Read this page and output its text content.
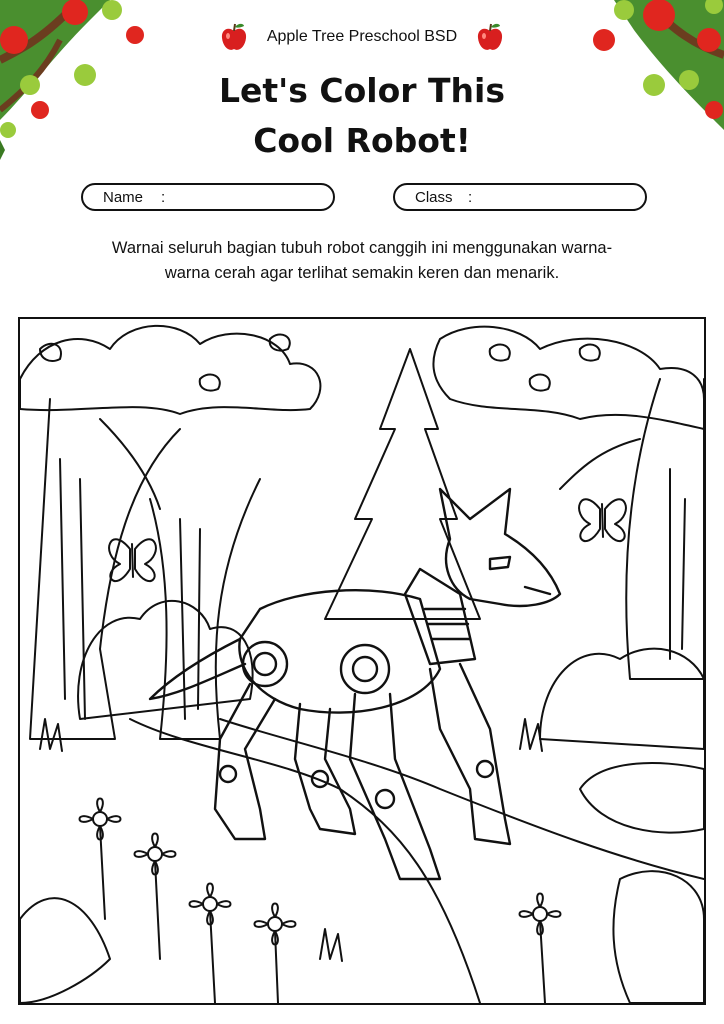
Apple Tree Preschool BSD
Let's Color This
Cool Robot!
Name :	Class :
Warnai seluruh bagian tubuh robot canggih ini menggunakan warna-
warna cerah agar terlihat semakin keren dan menarik.
